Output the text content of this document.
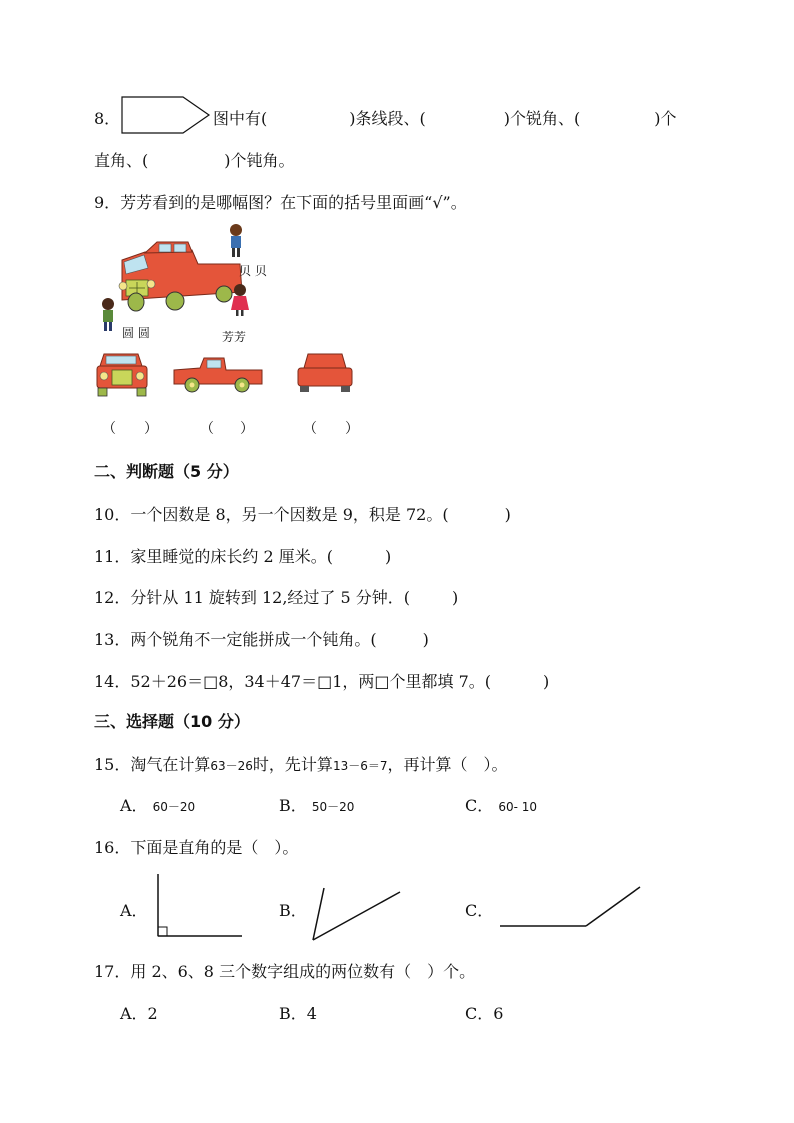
8．	图中有(	)条线段、(	)个锐角、(	)个
直角、(	)个钝角。
9．芳芳看到的是哪幅图？在下面的括号里面画“√”。
贝 贝
圆 圆	芳芳
（ ）	（ ）	（ ）
二、判断题（5 分）
10．一个因数是 8，另一个因数是 9，积是 72。(	)
11．家里睡觉的床长约 2 厘米。(	)
12．分针从 11 旋转到 12,经过了 5 分钟．(	)
13．两个锐角不一定能拼成一个钝角。(	)
14．52＋26＝□8，34＋47＝□1，两□个里都填 7。(	)
三、选择题（10 分）
15．淘气在计算63－26时，先计算13－6＝7，再计算（　）。
A． 60－20	B． 50－20	C． 60- 10
16．下面是直角的是（　）。
A．	B．	C．
17．用 2、6、8 三个数字组成的两位数有（　）个。
A．2	B．4	C．6
